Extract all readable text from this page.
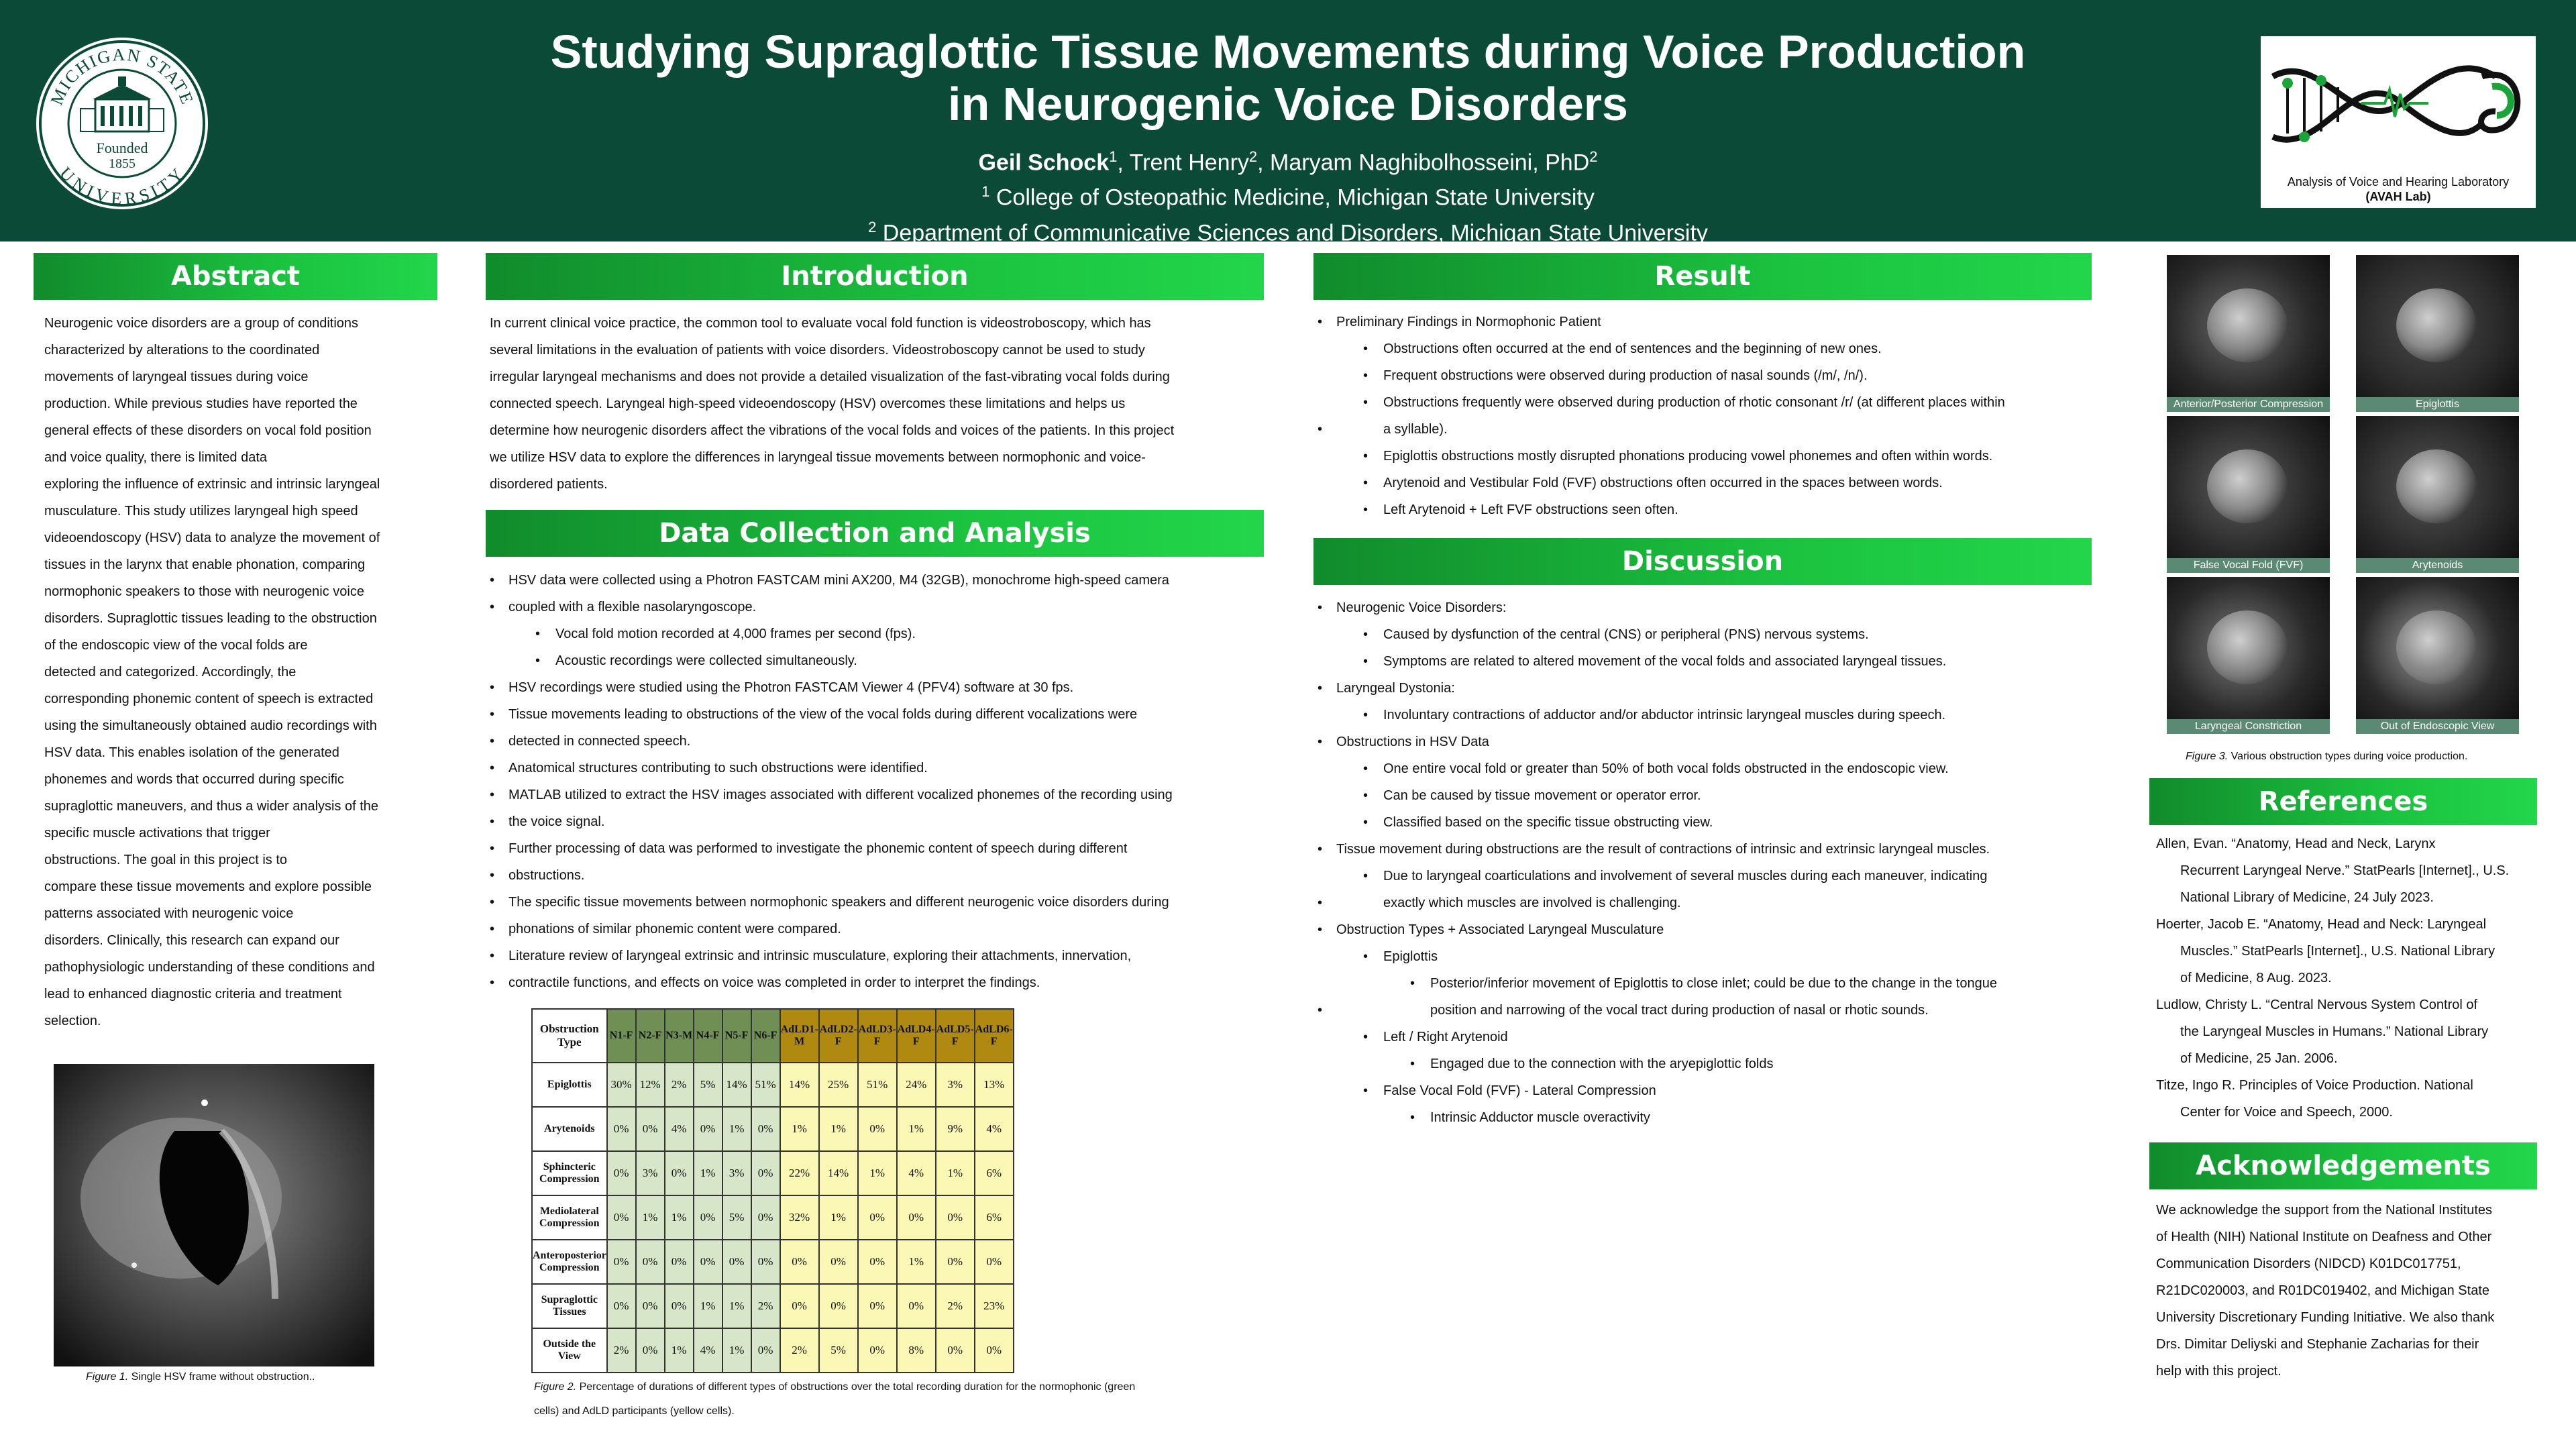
MICHIGAN STATE
UNIVERSITY
Founded
1855
Studying Supraglottic Tissue Movements during Voice Production
in Neurogenic Voice Disorders
Geil Schock$^1$, Trent Henry$^2$, Maryam Naghibolhosseini, PhD$^2$
$^1$ College of Osteopathic Medicine, Michigan State University
$^2$ Department of Communicative Sciences and Disorders, Michigan State University
Analysis of Voice and Hearing Laboratory
(AVAH Lab)
Abstract

Neurogenic voice disorders are a group of conditions

characterized by alterations to the coordinated

movements of laryngeal tissues during voice

production. While previous studies have reported the

general effects of these disorders on vocal fold position

and voice quality, there is limited data

exploring the influence of extrinsic and intrinsic laryngeal

musculature. This study utilizes laryngeal high speed

videoendoscopy (HSV) data to analyze the movement of

tissues in the larynx that enable phonation, comparing

normophonic speakers to those with neurogenic voice

disorders. Supraglottic tissues leading to the obstruction

of the endoscopic view of the vocal folds are

detected and categorized. Accordingly, the

corresponding phonemic content of speech is extracted

using the simultaneously obtained audio recordings with

HSV data. This enables isolation of the generated

phonemes and words that occurred during specific

supraglottic maneuvers, and thus a wider analysis of the

specific muscle activations that trigger

obstructions. The goal in this project is to

compare these tissue movements and explore possible

patterns associated with neurogenic voice

disorders. Clinically, this research can expand our

pathophysiologic understanding of these conditions and

lead to enhanced diagnostic criteria and treatment

selection.

Figure 1. Single HSV frame without obstruction..
Introduction

In current clinical voice practice, the common tool to evaluate vocal fold function is videostroboscopy, which has

several limitations in the evaluation of patients with voice disorders. Videostroboscopy cannot be used to study

irregular laryngeal mechanisms and does not provide a detailed visualization of the fast-vibrating vocal folds during

connected speech. Laryngeal high-speed videoendoscopy (HSV) overcomes these limitations and helps us

determine how neurogenic disorders affect the vibrations of the vocal folds and voices of the patients. In this project

we utilize HSV data to explore the differences in laryngeal tissue movements between normophonic and voice-

disordered patients.

Data Collection and Analysis
• HSV data were collected using a Photron FASTCAM mini AX200, M4 (32GB), monochrome high-speed camera
• coupled with a flexible nasolaryngoscope.
• Vocal fold motion recorded at 4,000 frames per second (fps).
• Acoustic recordings were collected simultaneously.
• HSV recordings were studied using the Photron FASTCAM Viewer 4 (PFV4) software at 30 fps.
• Tissue movements leading to obstructions of the view of the vocal folds during different vocalizations were
• detected in connected speech.
• Anatomical structures contributing to such obstructions were identified.
• MATLAB utilized to extract the HSV images associated with different vocalized phonemes of the recording using
• the voice signal.
• Further processing of data was performed to investigate the phonemic content of speech during different
• obstructions.
• The specific tissue movements between normophonic speakers and different neurogenic voice disorders during
• phonations of similar phonemic content were compared.
• Literature review of laryngeal extrinsic and intrinsic musculature, exploring their attachments, innervation,
• contractile functions, and effects on voice was completed in order to interpret the findings.
Obstruction Type	N1-F	N2-F	N3-M	N4-F	N5-F	N6-F	AdLD1-M	AdLD2-F	AdLD3-F	AdLD4-F	AdLD5-F	AdLD6-F
Epiglottis	30%	12%	2%	5%	14%	51%	14%	25%	51%	24%	3%	13%
Arytenoids	0%	0%	4%	0%	1%	0%	1%	1%	0%	1%	9%	4%
Sphincteric Compression	0%	3%	0%	1%	3%	0%	22%	14%	1%	4%	1%	6%
Mediolateral Compression	0%	1%	1%	0%	5%	0%	32%	1%	0%	0%	0%	6%
Anteroposterior Compression	0%	0%	0%	0%	0%	0%	0%	0%	0%	1%	0%	0%
Supraglottic Tissues	0%	0%	0%	1%	1%	2%	0%	0%	0%	0%	2%	23%
Outside the View	2%	0%	1%	4%	1%	0%	2%	5%	0%	8%	0%	0%
Figure 2. Percentage of durations of different types of obstructions over the total recording duration for the normophonic (green
cells) and AdLD participants (yellow cells).
Result
• Preliminary Findings in Normophonic Patient
• Obstructions often occurred at the end of sentences and the beginning of new ones.
• Frequent obstructions were observed during production of nasal sounds (/m/, /n/).
• Obstructions frequently were observed during production of rhotic consonant /r/ (at different places within
• a syllable).
• Epiglottis obstructions mostly disrupted phonations producing vowel phonemes and often within words.
• Arytenoid and Vestibular Fold (FVF) obstructions often occurred in the spaces between words.
• Left Arytenoid + Left FVF obstructions seen often.
Discussion
• Neurogenic Voice Disorders:
• Caused by dysfunction of the central (CNS) or peripheral (PNS) nervous systems.
• Symptoms are related to altered movement of the vocal folds and associated laryngeal tissues.
• Laryngeal Dystonia:
• Involuntary contractions of adductor and/or abductor intrinsic laryngeal muscles during speech.
• Obstructions in HSV Data
• One entire vocal fold or greater than 50% of both vocal folds obstructed in the endoscopic view.
• Can be caused by tissue movement or operator error.
• Classified based on the specific tissue obstructing view.
• Tissue movement during obstructions are the result of contractions of intrinsic and extrinsic laryngeal muscles.
• Due to laryngeal coarticulations and involvement of several muscles during each maneuver, indicating
• exactly which muscles are involved is challenging.
• Obstruction Types + Associated Laryngeal Musculature
• Epiglottis
• Posterior/inferior movement of Epiglottis to close inlet; could be due to the change in the tongue
• position and narrowing of the vocal tract during production of nasal or rhotic sounds.
• Left / Right Arytenoid
• Engaged due to the connection with the aryepiglottic folds
• False Vocal Fold (FVF) - Lateral Compression
• Intrinsic Adductor muscle overactivity
Anterior/Posterior Compression	Epiglottis
False Vocal Fold (FVF)	Arytenoids
Laryngeal Constriction	Out of Endoscopic View
Figure 3. Various obstruction types during voice production.
References
Allen, Evan. “Anatomy, Head and Neck, Larynx
Recurrent Laryngeal Nerve.” StatPearls [Internet]., U.S.
National Library of Medicine, 24 July 2023.
Hoerter, Jacob E. “Anatomy, Head and Neck: Laryngeal
Muscles.” StatPearls [Internet]., U.S. National Library
of Medicine, 8 Aug. 2023.
Ludlow, Christy L. “Central Nervous System Control of
the Laryngeal Muscles in Humans.” National Library
of Medicine, 25 Jan. 2006.
Titze, Ingo R. Principles of Voice Production. National
Center for Voice and Speech, 2000.
Acknowledgements

We acknowledge the support from the National Institutes

of Health (NIH) National Institute on Deafness and Other

Communication Disorders (NIDCD) K01DC017751,

R21DC020003, and R01DC019402, and Michigan State

University Discretionary Funding Initiative. We also thank

Drs. Dimitar Deliyski and Stephanie Zacharias for their

help with this project.
